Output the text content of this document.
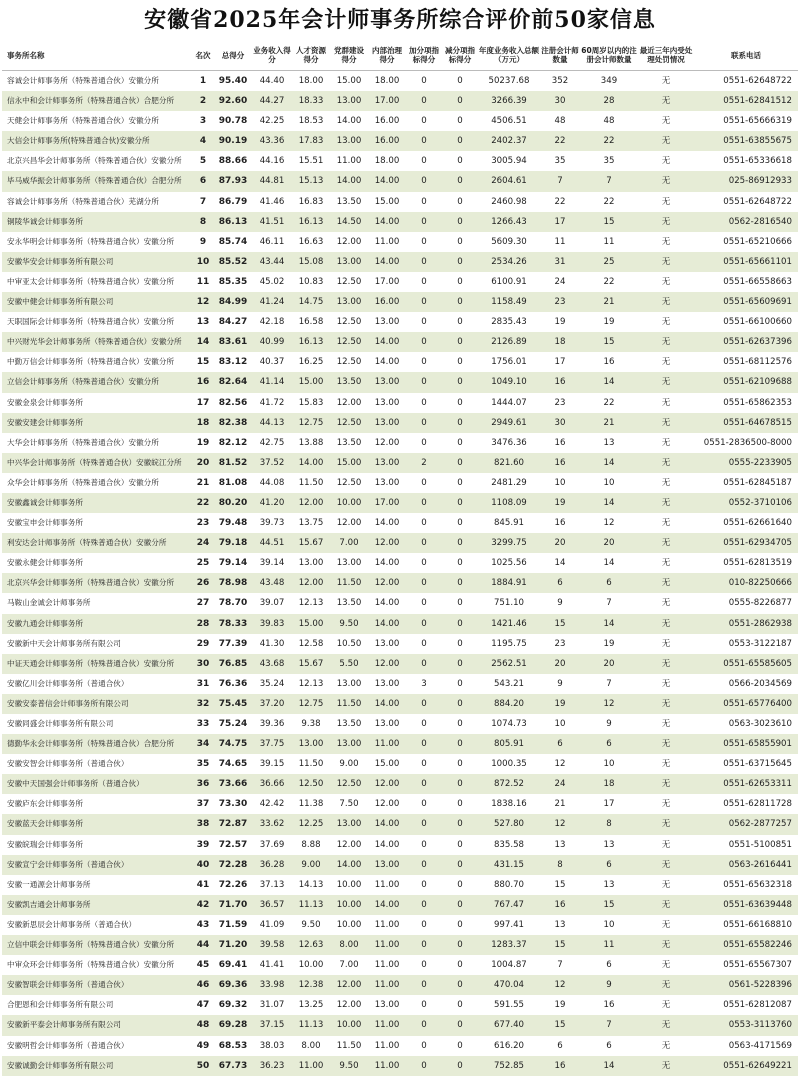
安徽省2025年会计师事务所综合评价前50家信息
事务所名称	名次	总得分	业务收入得分	人才资源得分	党群建设得分	内部治理得分	加分项指标得分	减分项指标得分	年度业务收入总额（万元）	注册会计师数量	60周岁以内的注册会计师数量	最近三年内受处理处罚情况	联系电话
容诚会计师事务所（特殊普通合伙）安徽分所	1	95.40	44.40	18.00	15.00	18.00	0	0	50237.68	352	349	无	0551-62648722
信永中和会计师事务所（特殊普通合伙）合肥分所	2	92.60	44.27	18.33	13.00	17.00	0	0	3266.39	30	28	无	0551-62841512
天健会计师事务所（特殊普通合伙）安徽分所	3	90.78	42.25	18.53	14.00	16.00	0	0	4506.51	48	48	无	0551-65666319
大信会计师事务所(特殊普通合伙)安徽分所	4	90.19	43.36	17.83	13.00	16.00	0	0	2402.37	22	22	无	0551-63855675
北京兴昌华会计师事务所（特殊普通合伙）安徽分所	5	88.66	44.16	15.51	11.00	18.00	0	0	3005.94	35	35	无	0551-65336618
毕马威华振会计师事务所（特殊普通合伙）合肥分所	6	87.93	44.81	15.13	14.00	14.00	0	0	2604.61	7	7	无	025-86912933
容诚会计师事务所（特殊普通合伙）芜湖分所	7	86.79	41.46	16.83	13.50	15.00	0	0	2460.98	22	22	无	0551-62648722
铜陵华诚会计师事务所	8	86.13	41.51	16.13	14.50	14.00	0	0	1266.43	17	15	无	0562-2816540
安永华明会计师事务所（特殊普通合伙）安徽分所	9	85.74	46.11	16.63	12.00	11.00	0	0	5609.30	11	11	无	0551-65210666
安徽华安会计师事务所有限公司	10	85.52	43.44	15.08	13.00	14.00	0	0	2534.26	31	25	无	0551-65661101
中审亚太会计师事务所（特殊普通合伙）安徽分所	11	85.35	45.02	10.83	12.50	17.00	0	0	6100.91	24	22	无	0551-66558663
安徽中健会计师事务所有限公司	12	84.99	41.24	14.75	13.00	16.00	0	0	1158.49	23	21	无	0551-65609691
天职国际会计师事务所（特殊普通合伙）安徽分所	13	84.27	42.18	16.58	12.50	13.00	0	0	2835.43	19	19	无	0551-66100660
中兴财光华会计师事务所（特殊普通合伙）安徽分所	14	83.61	40.99	16.13	12.50	14.00	0	0	2126.89	18	15	无	0551-62637396
中勤万信会计师事务所（特殊普通合伙）安徽分所	15	83.12	40.37	16.25	12.50	14.00	0	0	1756.01	17	16	无	0551-68112576
立信会计师事务所（特殊普通合伙）安徽分所	16	82.64	41.14	15.00	13.50	13.00	0	0	1049.10	16	14	无	0551-62109688
安徽金泉会计师事务所	17	82.56	41.72	15.83	12.00	13.00	0	0	1444.07	23	22	无	0551-65862353
安徽安建会计师事务所	18	82.38	44.13	12.75	12.50	13.00	0	0	2949.61	30	21	无	0551-64678515
大华会计师事务所（特殊普通合伙）安徽分所	19	82.12	42.75	13.88	13.50	12.00	0	0	3476.36	16	13	无	0551-2836500-8000
中兴华会计师事务所（特殊普通合伙）安徽皖江分所	20	81.52	37.52	14.00	15.00	13.00	2	0	821.60	16	14	无	0555-2233905
众华会计师事务所（特殊普通合伙）安徽分所	21	81.08	44.08	11.50	12.50	13.00	0	0	2481.29	10	10	无	0551-62845187
安徽鑫诚会计师事务所	22	80.20	41.20	12.00	10.00	17.00	0	0	1108.09	19	14	无	0552-3710106
安徽宝申会计师事务所	23	79.48	39.73	13.75	12.00	14.00	0	0	845.91	16	12	无	0551-62661640
利安达会计师事务所（特殊普通合伙）安徽分所	24	79.18	44.51	15.67	7.00	12.00	0	0	3299.75	20	20	无	0551-62934705
安徽永健会计师事务所	25	79.14	39.14	13.00	13.00	14.00	0	0	1025.56	14	14	无	0551-62813519
北京兴华会计师事务所（特殊普通合伙）安徽分所	26	78.98	43.48	12.00	11.50	12.00	0	0	1884.91	6	6	无	010-82250666
马鞍山金诚会计师事务所	27	78.70	39.07	12.13	13.50	14.00	0	0	751.10	9	7	无	0555-8226877
安徽九通会计师事务所	28	78.33	39.83	15.00	9.50	14.00	0	0	1421.46	15	14	无	0551-2862938
安徽新中天会计师事务所有限公司	29	77.39	41.30	12.58	10.50	13.00	0	0	1195.75	23	19	无	0553-3122187
中证天通会计师事务所（特殊普通合伙）安徽分所	30	76.85	43.68	15.67	5.50	12.00	0	0	2562.51	20	20	无	0551-65585605
安徽亿川会计师事务所（普通合伙）	31	76.36	35.24	12.13	13.00	13.00	3	0	543.21	9	7	无	0566-2034569
安徽安泰普信会计师事务所有限公司	32	75.45	37.20	12.75	11.50	14.00	0	0	884.20	19	12	无	0551-65776400
安徽同盛会计师事务所有限公司	33	75.24	39.36	9.38	13.50	13.00	0	0	1074.73	10	9	无	0563-3023610
德勤华永会计师事务所（特殊普通合伙）合肥分所	34	74.75	37.75	13.00	13.00	11.00	0	0	805.91	6	6	无	0551-65855901
安徽安智会计师事务所（普通合伙）	35	74.65	39.15	11.50	9.00	15.00	0	0	1000.35	12	10	无	0551-63715645
安徽中天国强会计师事务所（普通合伙）	36	73.66	36.66	12.50	12.50	12.00	0	0	872.52	24	18	无	0551-62653311
安徽庐东会计师事务所	37	73.30	42.42	11.38	7.50	12.00	0	0	1838.16	21	17	无	0551-62811728
安徽蓝天会计师事务所	38	72.87	33.62	12.25	13.00	14.00	0	0	527.80	12	8	无	0562-2877257
安徽皖瑞会计师事务所	39	72.57	37.69	8.88	12.00	14.00	0	0	835.58	13	13	无	0551-5100851
安徽宣宁会计师事务所（普通合伙）	40	72.28	36.28	9.00	14.00	13.00	0	0	431.15	8	6	无	0563-2616441
安徽一通源会计师事务所	41	72.26	37.13	14.13	10.00	11.00	0	0	880.70	15	13	无	0551-65632318
安徽凯吉通会计师事务所	42	71.70	36.57	11.13	10.00	14.00	0	0	767.47	16	15	无	0551-63639448
安徽新思辰会计师事务所（普通合伙）	43	71.59	41.09	9.50	10.00	11.00	0	0	997.41	13	10	无	0551-66168810
立信中联会计师事务所（特殊普通合伙）安徽分所	44	71.20	39.58	12.63	8.00	11.00	0	0	1283.37	15	11	无	0551-65582246
中审众环会计师事务所（特殊普通合伙）安徽分所	45	69.41	41.41	10.00	7.00	11.00	0	0	1004.87	7	6	无	0551-65567307
安徽智联会计师事务所（普通合伙）	46	69.36	33.98	12.38	12.00	11.00	0	0	470.04	12	9	无	0561-5228396
合肥恩和会计师事务所有限公司	47	69.32	31.07	13.25	12.00	13.00	0	0	591.55	19	16	无	0551-62812087
安徽新平泰会计师事务所有限公司	48	69.28	37.15	11.13	10.00	11.00	0	0	677.40	15	7	无	0553-3113760
安徽明哲会计师事务所（普通合伙）	49	68.53	38.03	8.00	11.50	11.00	0	0	616.20	6	6	无	0563-4171569
安徽诚勤会计师事务所有限公司	50	67.73	36.23	11.00	9.50	11.00	0	0	752.85	16	14	无	0551-62649221
